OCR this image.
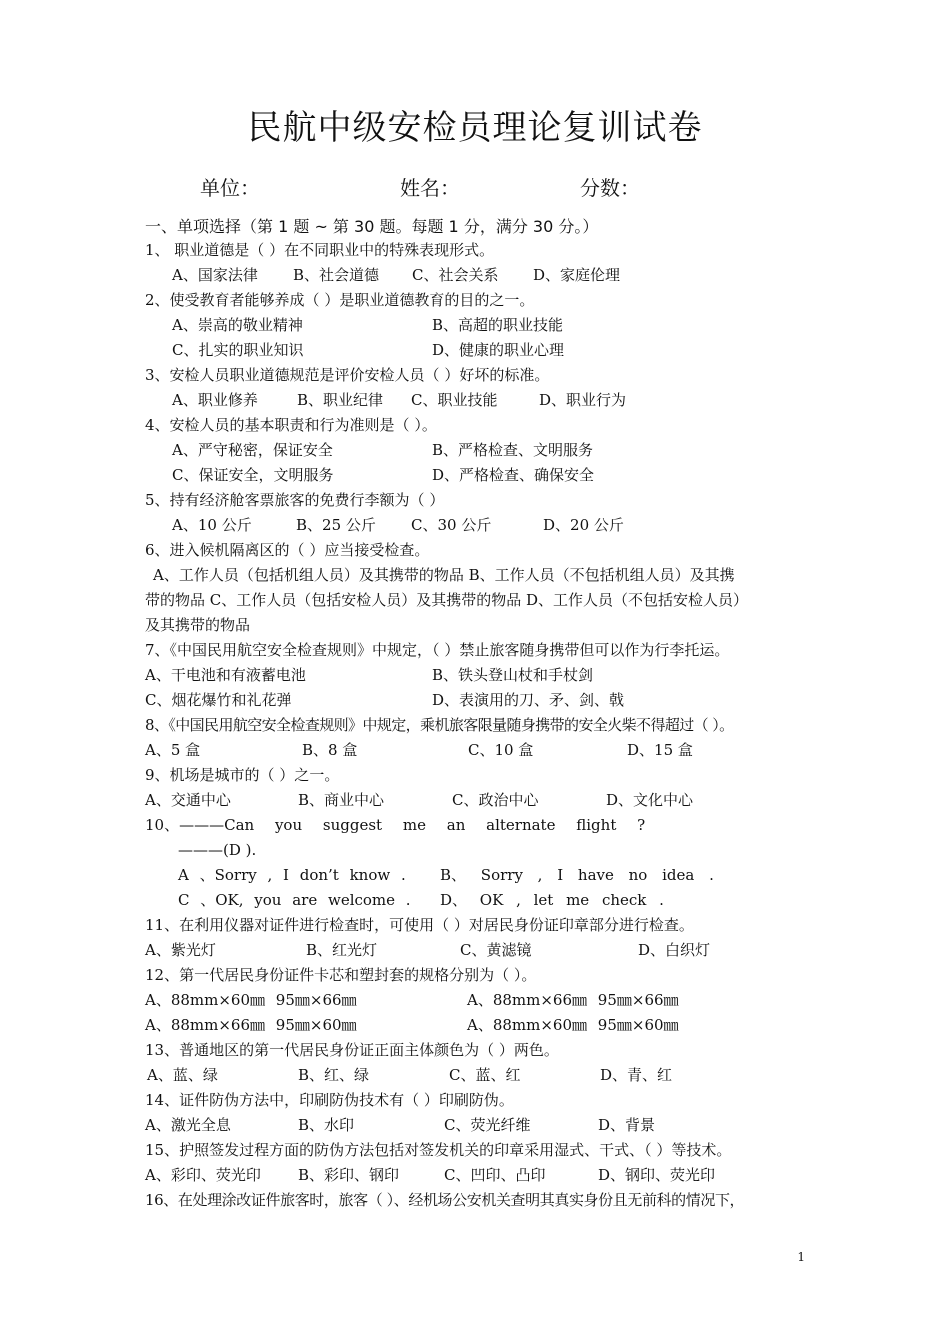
民航中级安检员理论复训试卷
单位：	姓名：	分数：
一、单项选择（第 1 题 ~ 第 30 题。每题 1 分，满分 30 分。）
1、 职业道德是（ ）在不同职业中的特殊表现形式。
A、国家法律 B、社会道德 C、社会关系 D、家庭伦理
2、使受教育者能够养成（ ）是职业道德教育的目的之一。
A、崇高的敬业精神	B、高超的职业技能
C、扎实的职业知识	D、健康的职业心理
3、安检人员职业道德规范是评价安检人员（ ）好坏的标准。
A、职业修养	B、职业纪律 C、职业技能	D、职业行为
4、安检人员的基本职责和行为准则是（ ）。
A、严守秘密，保证安全	B、严格检查、文明服务
C、保证安全，文明服务	D、严格检查、确保安全
5、持有经济舱客票旅客的免费行李额为（ ）
A、10 公斤	B、25 公斤 C、30 公斤	D、20 公斤
6、进入候机隔离区的（ ）应当接受检查。
A、工作人员（包括机组人员）及其携带的物品 B、工作人员（不包括机组人员）及其携
带的物品 C、工作人员（包括安检人员）及其携带的物品 D、工作人员（不包括安检人员）
及其携带的物品
7、《中国民用航空安全检查规则》中规定，（ ）禁止旅客随身携带但可以作为行李托运。
A、干电池和有液蓄电池	B、铁头登山杖和手杖剑
C、烟花爆竹和礼花弹	D、表演用的刀、矛、剑、戟
8、《中国民用航空安全检查规则》中规定，乘机旅客限量随身携带的安全火柴不得超过（ ）。
A、5 盒	B、8 盒	C、10 盒	D、15 盒
9、机场是城市的（ ）之一。
A、交通中心	B、商业中心	C、政治中心	D、文化中心
10、———Can you suggest me an alternate flight ?
———(D ).
A 、Sorry , I don’t know . B、 Sorry , I have no idea .
C 、OK, you are welcome . D、 OK , let me check .
11、在利用仪器对证件进行检查时，可使用（ ）对居民身份证印章部分进行检查。
A、紫光灯	B、红光灯	C、黄滤镜	D、白织灯
12、第一代居民身份证件卡芯和塑封套的规格分别为（ ）。
A、88mm×60㎜ 95㎜×66㎜	A、88mm×66㎜ 95㎜×66㎜
A、88mm×66㎜ 95㎜×60㎜	A、88mm×60㎜ 95㎜×60㎜
13、普通地区的第一代居民身份证正面主体颜色为（ ）两色。
A、蓝、绿	B、红、绿	C、蓝、红	D、青、红
14、证件防伪方法中，印刷防伪技术有（ ）印刷防伪。
A、激光全息	B、水印	C、荧光纤维	D、背景
15、护照签发过程方面的防伪方法包括对签发机关的印章采用湿式、干式、（ ）等技术。
A、彩印、荧光印 B、彩印、钢印	C、凹印、凸印	D、钢印、荧光印
16、在处理涂改证件旅客时，旅客（ ）、经机场公安机关查明其真实身份且无前科的情况下，
1
